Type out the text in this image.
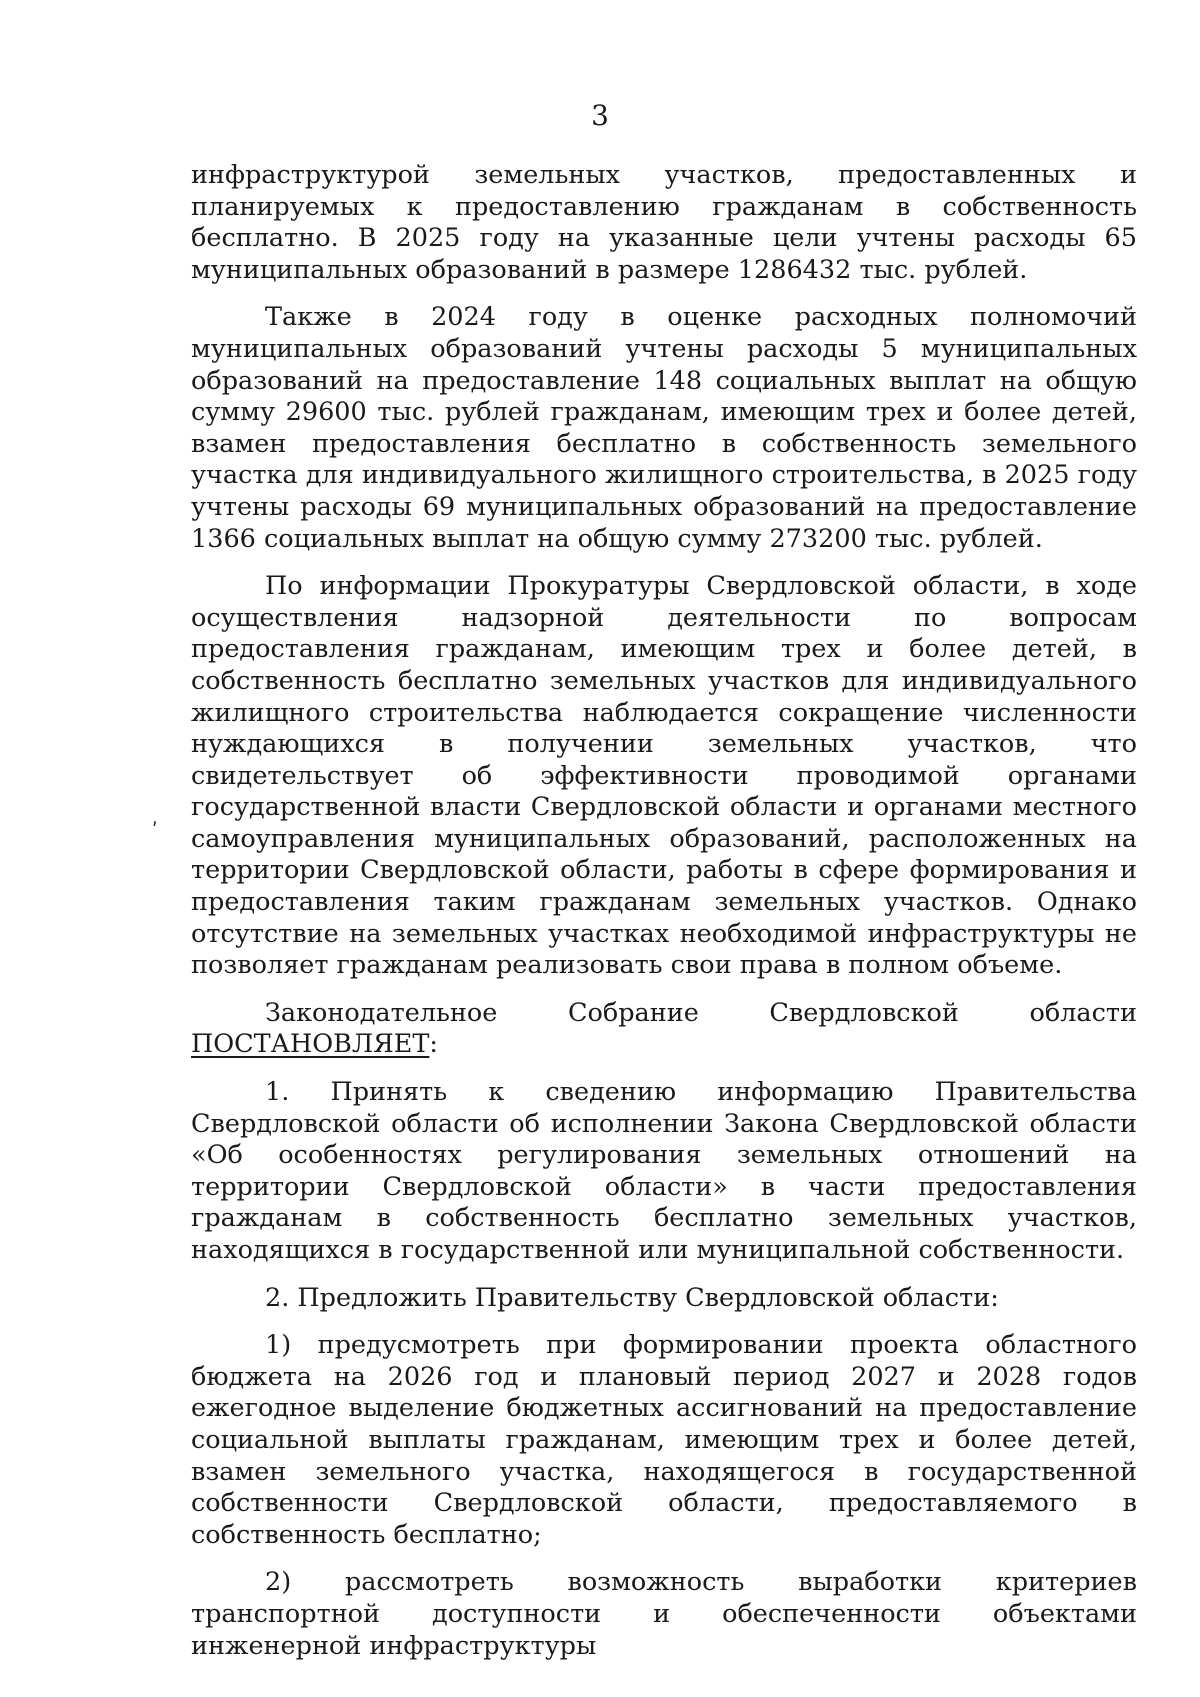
3
ʹ

инфраструктурой земельных участков, предоставленных и планируемых к предоставлению гражданам в собственность бесплатно. В 2025 году на указанные цели учтены расходы 65 муниципальных образований в размере 1286432 тыс. рублей.

Также в 2024 году в оценке расходных полномочий муниципальных образований учтены расходы 5 муниципальных образований на предоставление 148 социальных выплат на общую сумму 29600 тыс. рублей гражданам, имеющим трех и более детей, взамен предоставления бесплатно в собственность земельного участка для индивидуального жилищного строительства, в 2025 году учтены расходы 69 муниципальных образований на предоставление 1366 социальных выплат на общую сумму 273200 тыс. рублей.

По информации Прокуратуры Свердловской области, в ходе осуществления надзорной деятельности по вопросам предоставления гражданам, имеющим трех и более детей, в собственность бесплатно земельных участков для индивидуального жилищного строительства наблюдается сокращение численности нуждающихся в получении земельных участков, что свидетельствует об эффективности проводимой органами государственной власти Свердловской области и органами местного самоуправления муниципальных образований, расположенных на территории Свердловской области, работы в сфере формирования и предоставления таким гражданам земельных участков. Однако отсутствие на земельных участках необходимой инфраструктуры не позволяет гражданам реализовать свои права в полном объеме.

Законодательное Собрание Свердловской области ПОСТАНОВЛЯЕТ:

1. Принять к сведению информацию Правительства Свердловской области об исполнении Закона Свердловской области «Об особенностях регулирования земельных отношений на территории Свердловской области» в части предоставления гражданам в собственность бесплатно земельных участков, находящихся в государственной или муниципальной собственности.

2. Предложить Правительству Свердловской области:

1) предусмотреть при формировании проекта областного бюджета на 2026 год и плановый период 2027 и 2028 годов ежегодное выделение бюджетных ассигнований на предоставление социальной выплаты гражданам, имеющим трех и более детей, взамен земельного участка, находящегося в государственной собственности Свердловской области, предоставляемого в собственность бесплатно;

2) рассмотреть возможность выработки критериев транспортной доступности и обеспеченности объектами инженерной инфраструктуры
